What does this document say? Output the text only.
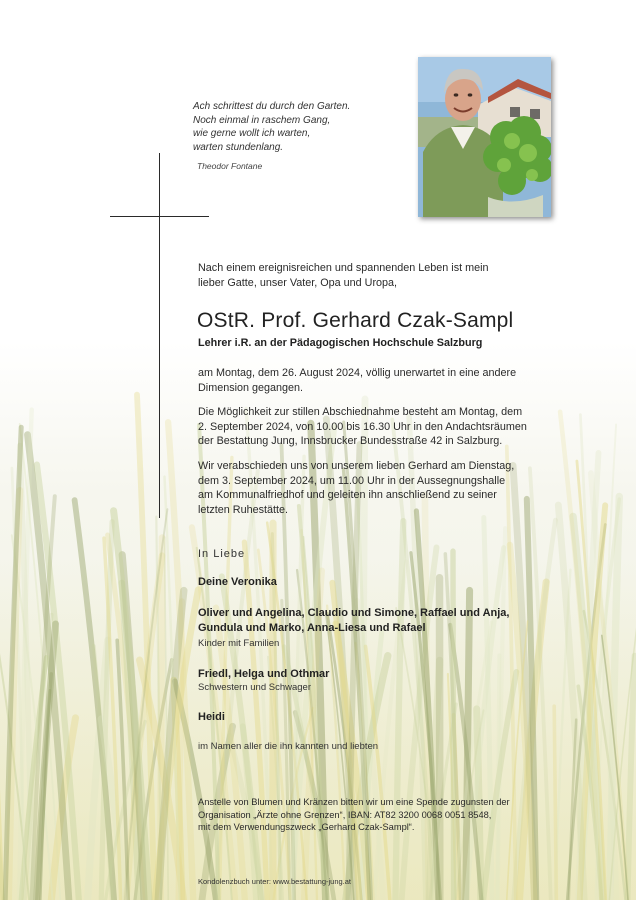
Ach schrittest du durch den Garten.
Noch einmal in raschem Gang,
wie gerne wollt ich warten,
warten stundenlang.
Theodor Fontane
Nach einem ereignisreichen und spannenden Leben ist mein
lieber Gatte, unser Vater, Opa und Uropa,
OStR. Prof. Gerhard Czak-Sampl
Lehrer i.R. an der Pädagogischen Hochschule Salzburg
am Montag, dem 26. August 2024, völlig unerwartet in eine andere
Dimension gegangen.
Die Möglichkeit zur stillen Abschiednahme besteht am Montag, dem
2. September 2024, von 10.00 bis 16.30 Uhr in den Andachtsräumen
der Bestattung Jung, Innsbrucker Bundesstraße 42 in Salzburg.
Wir verabschieden uns von unserem lieben Gerhard am Dienstag,
dem 3. September 2024, um 11.00 Uhr in der Aussegnungshalle
am Kommunalfriedhof und geleiten ihn anschließend zu seiner
letzten Ruhestätte.
In Liebe
Deine Veronika
Oliver und Angelina, Claudio und Simone, Raffael und Anja,
Gundula und Marko, Anna-Liesa und Rafael
Kinder mit Familien
Friedl, Helga und Othmar
Schwestern und Schwager
Heidi
im Namen aller die ihn kannten und liebten
Anstelle von Blumen und Kränzen bitten wir um eine Spende zugunsten der
Organisation „Ärzte ohne Grenzen“, IBAN: AT82 3200 0068 0051 8548,
mit dem Verwendungszweck „Gerhard Czak-Sampl“.
Kondolenzbuch unter: www.bestattung-jung.at
